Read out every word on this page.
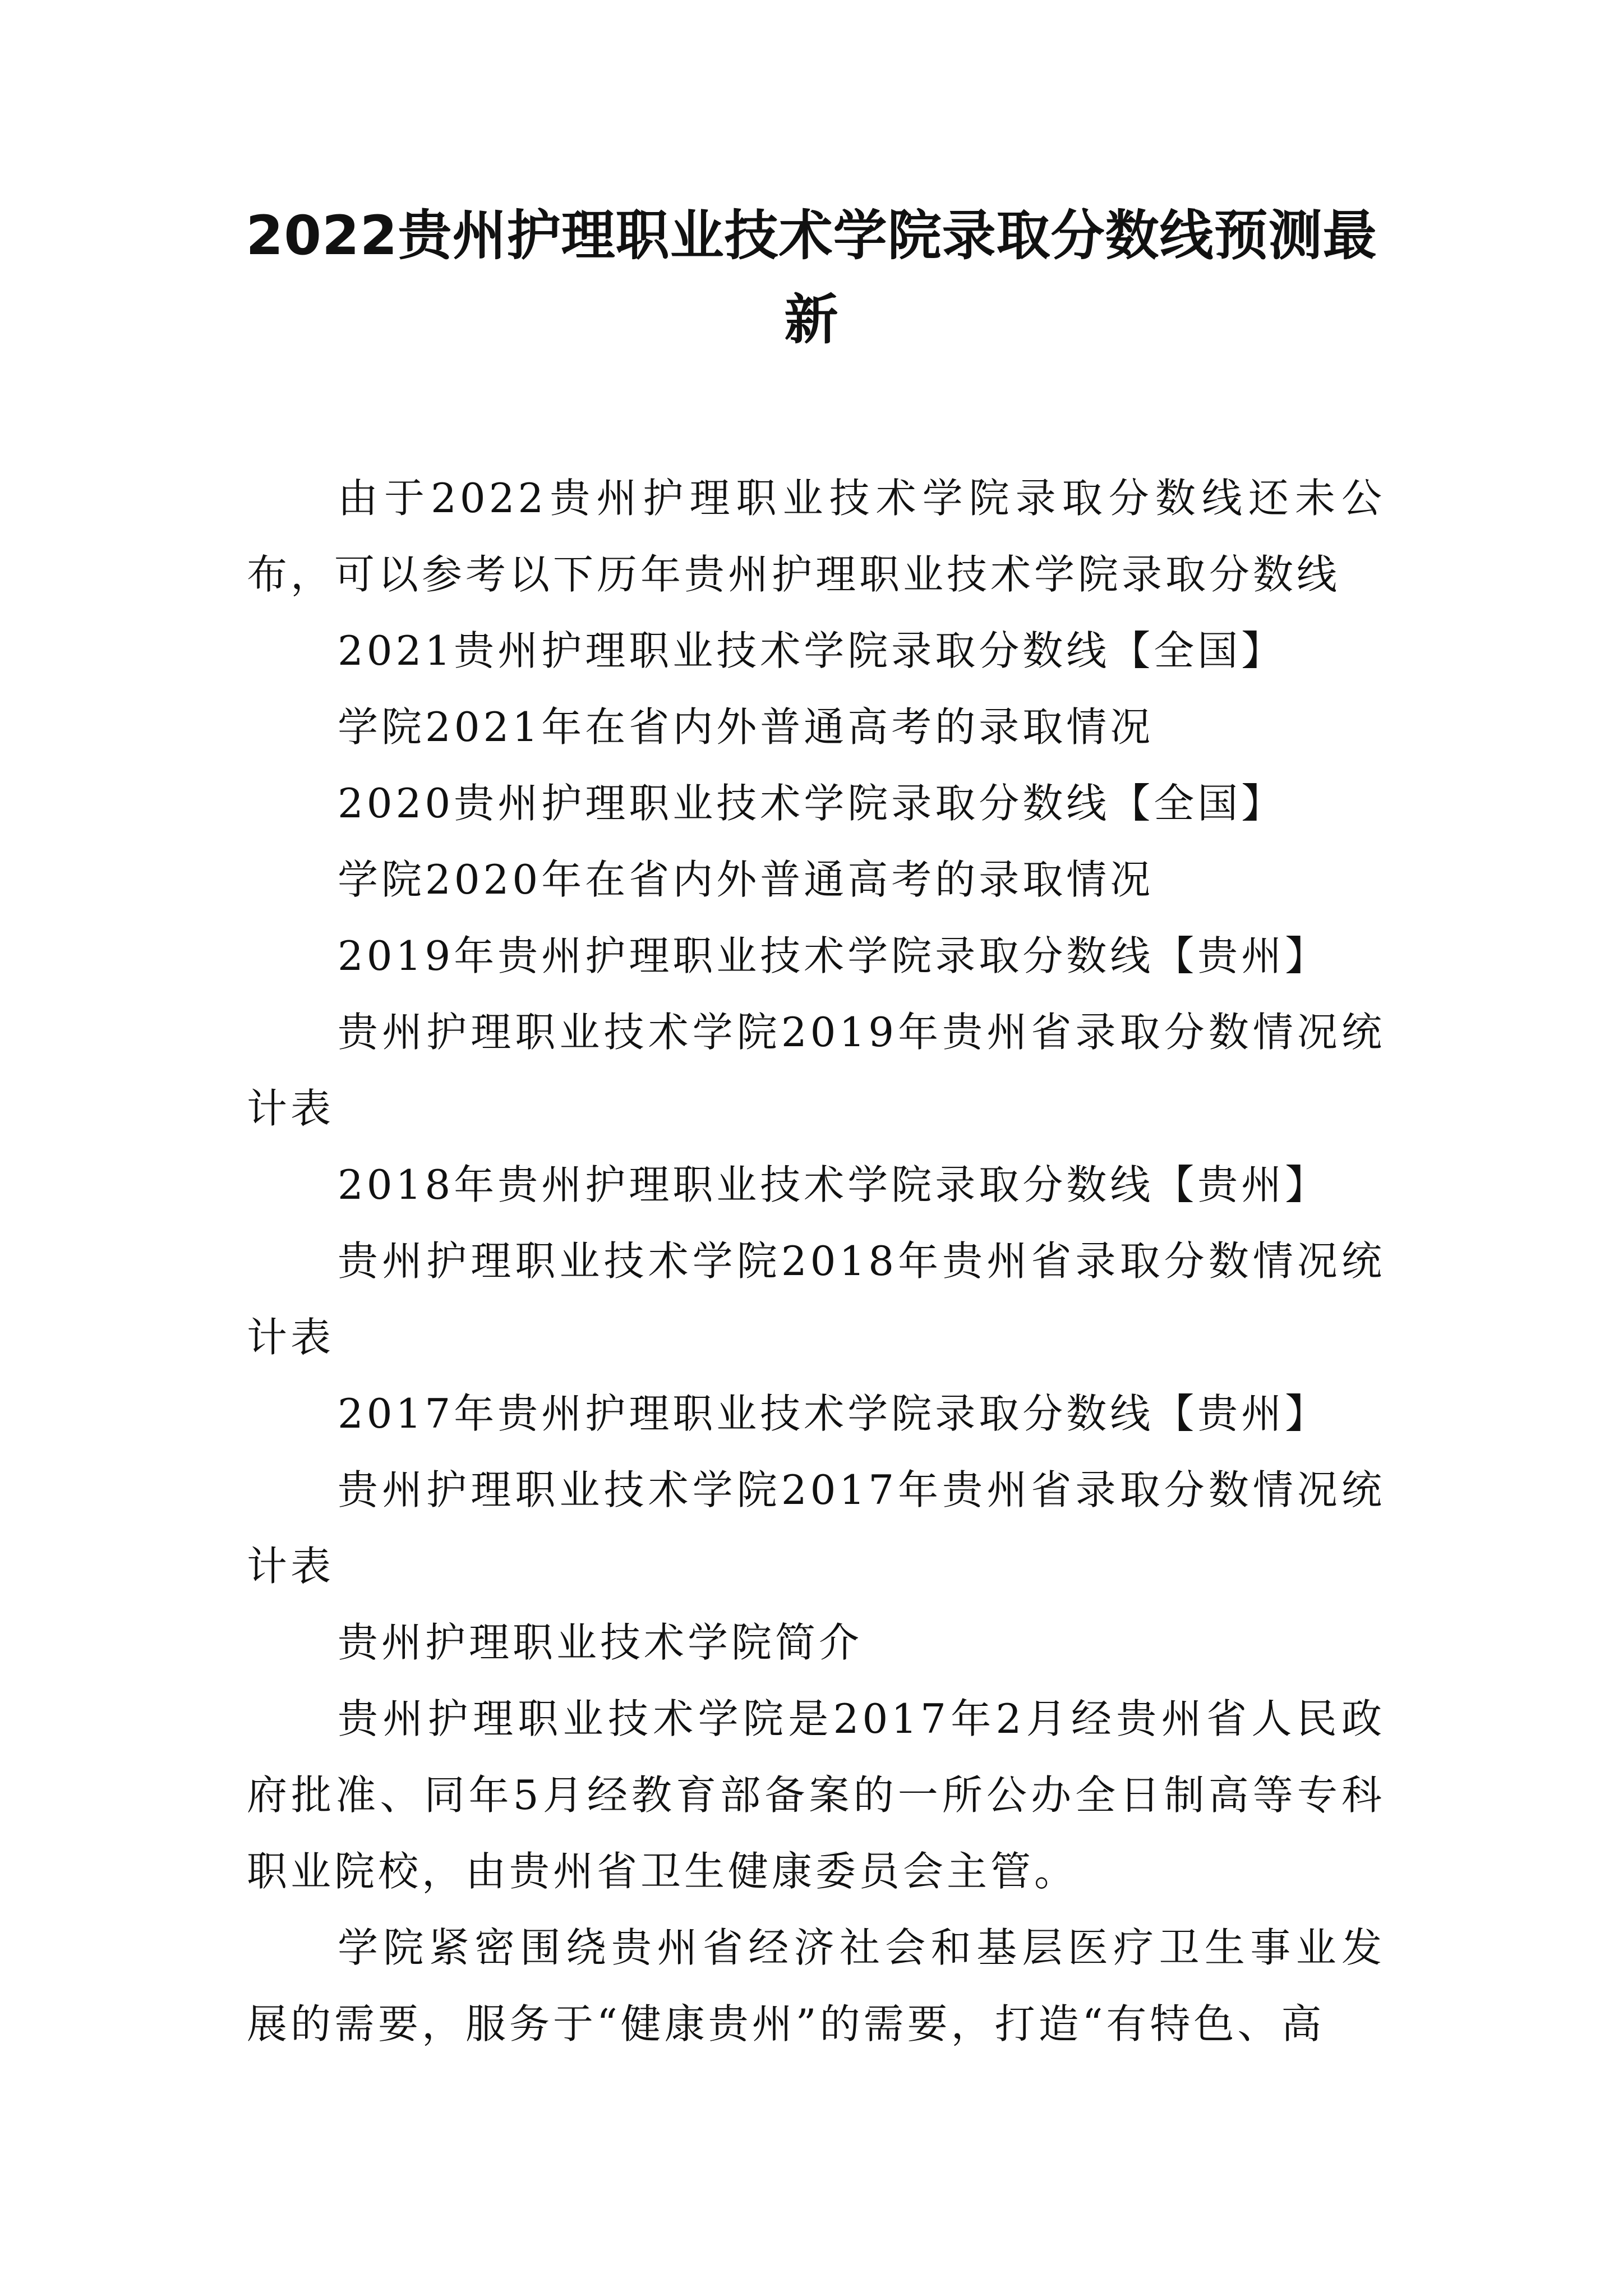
2022贵州护理职业技术学院录取分数线预测最新

由于2022贵州护理职业技术学院录取分数线还未公布，可以参考以下历年贵州护理职业技术学院录取分数线

2021贵州护理职业技术学院录取分数线【全国】

学院2021年在省内外普通高考的录取情况

2020贵州护理职业技术学院录取分数线【全国】

学院2020年在省内外普通高考的录取情况

2019年贵州护理职业技术学院录取分数线【贵州】

贵州护理职业技术学院2019年贵州省录取分数情况统计表

2018年贵州护理职业技术学院录取分数线【贵州】

贵州护理职业技术学院2018年贵州省录取分数情况统计表

2017年贵州护理职业技术学院录取分数线【贵州】

贵州护理职业技术学院2017年贵州省录取分数情况统计表

贵州护理职业技术学院简介

贵州护理职业技术学院是2017年2月经贵州省人民政府批准、同年5月经教育部备案的一所公办全日制高等专科职业院校，由贵州省卫生健康委员会主管。

学院紧密围绕贵州省经济社会和基层医疗卫生事业发展的需要，服务于“健康贵州”的需要，打造“有特色、高
